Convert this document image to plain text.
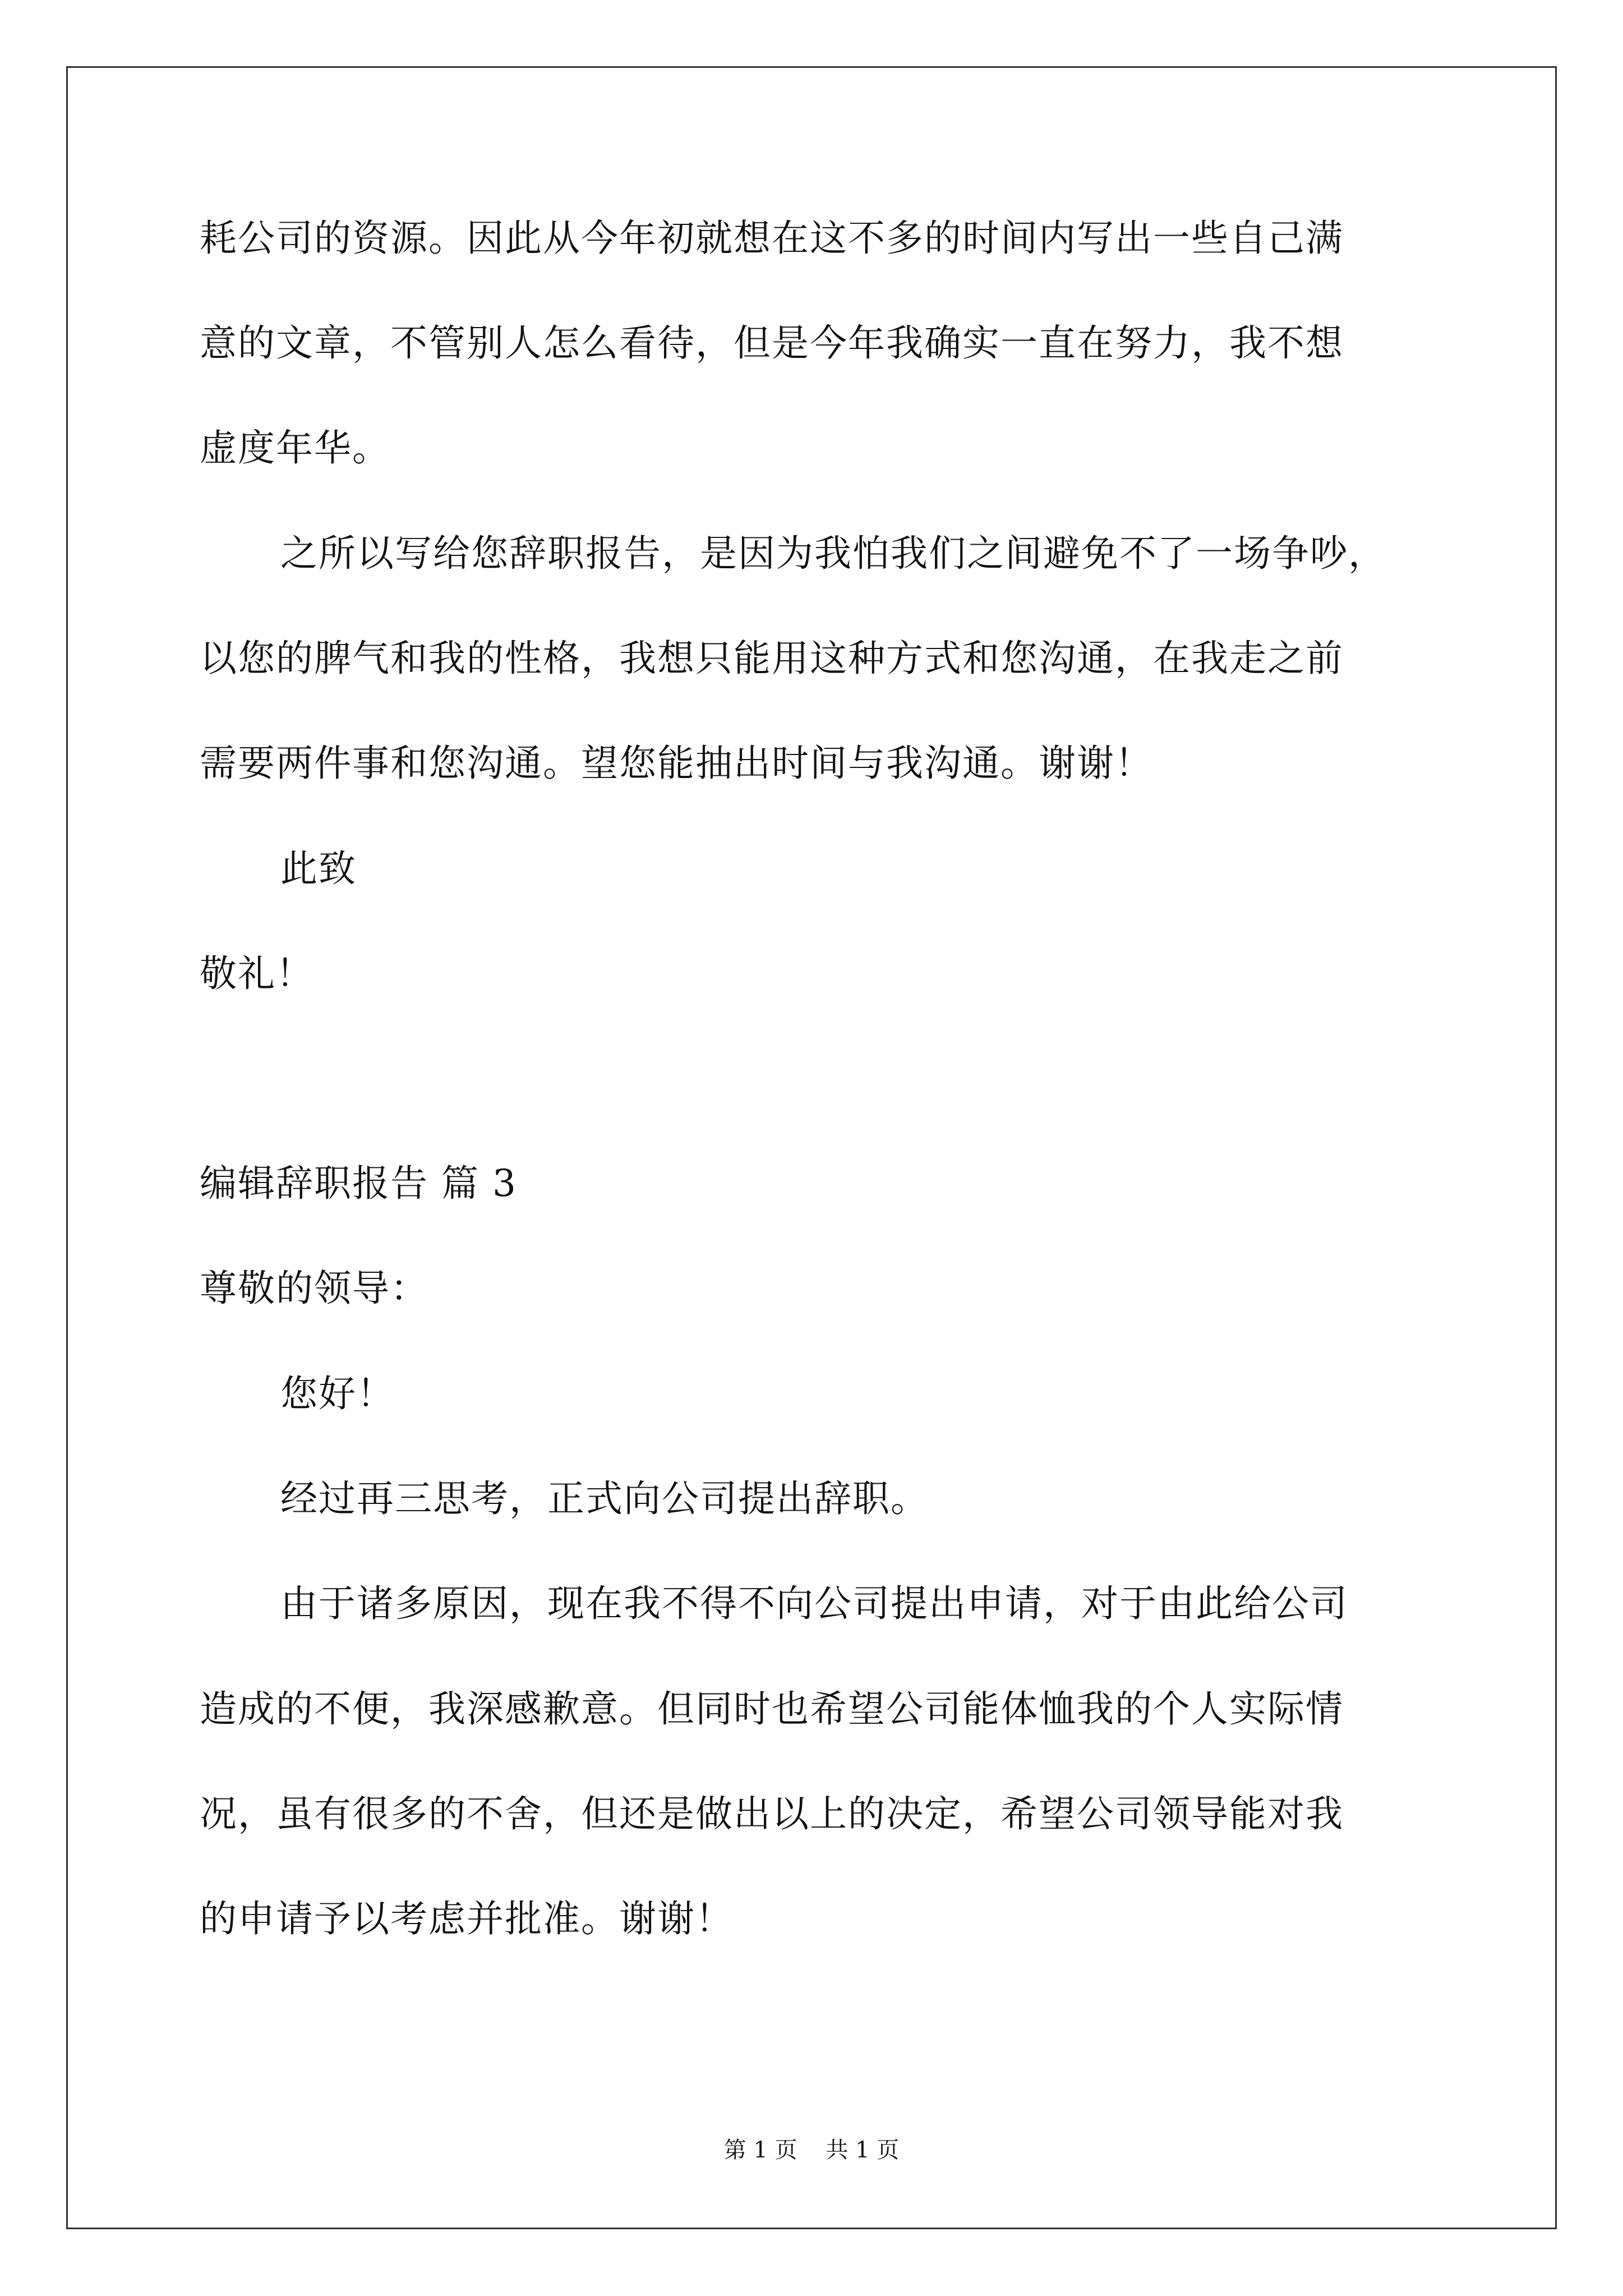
耗公司的资源。因此从今年初就想在这不多的时间内写出一些自己满
意的文章，不管别人怎么看待，但是今年我确实一直在努力，我不想
虚度年华。
之所以写给您辞职报告，是因为我怕我们之间避免不了一场争吵，
以您的脾气和我的性格，我想只能用这种方式和您沟通，在我走之前
需要两件事和您沟通。望您能抽出时间与我沟通。谢谢！
此致
敬礼！
编辑辞职报告 篇 3
尊敬的领导：
您好！
经过再三思考，正式向公司提出辞职。
由于诸多原因，现在我不得不向公司提出申请，对于由此给公司
造成的不便，我深感歉意。但同时也希望公司能体恤我的个人实际情
况，虽有很多的不舍，但还是做出以上的决定，希望公司领导能对我
的申请予以考虑并批准。谢谢！
第 1 页    共 1 页
